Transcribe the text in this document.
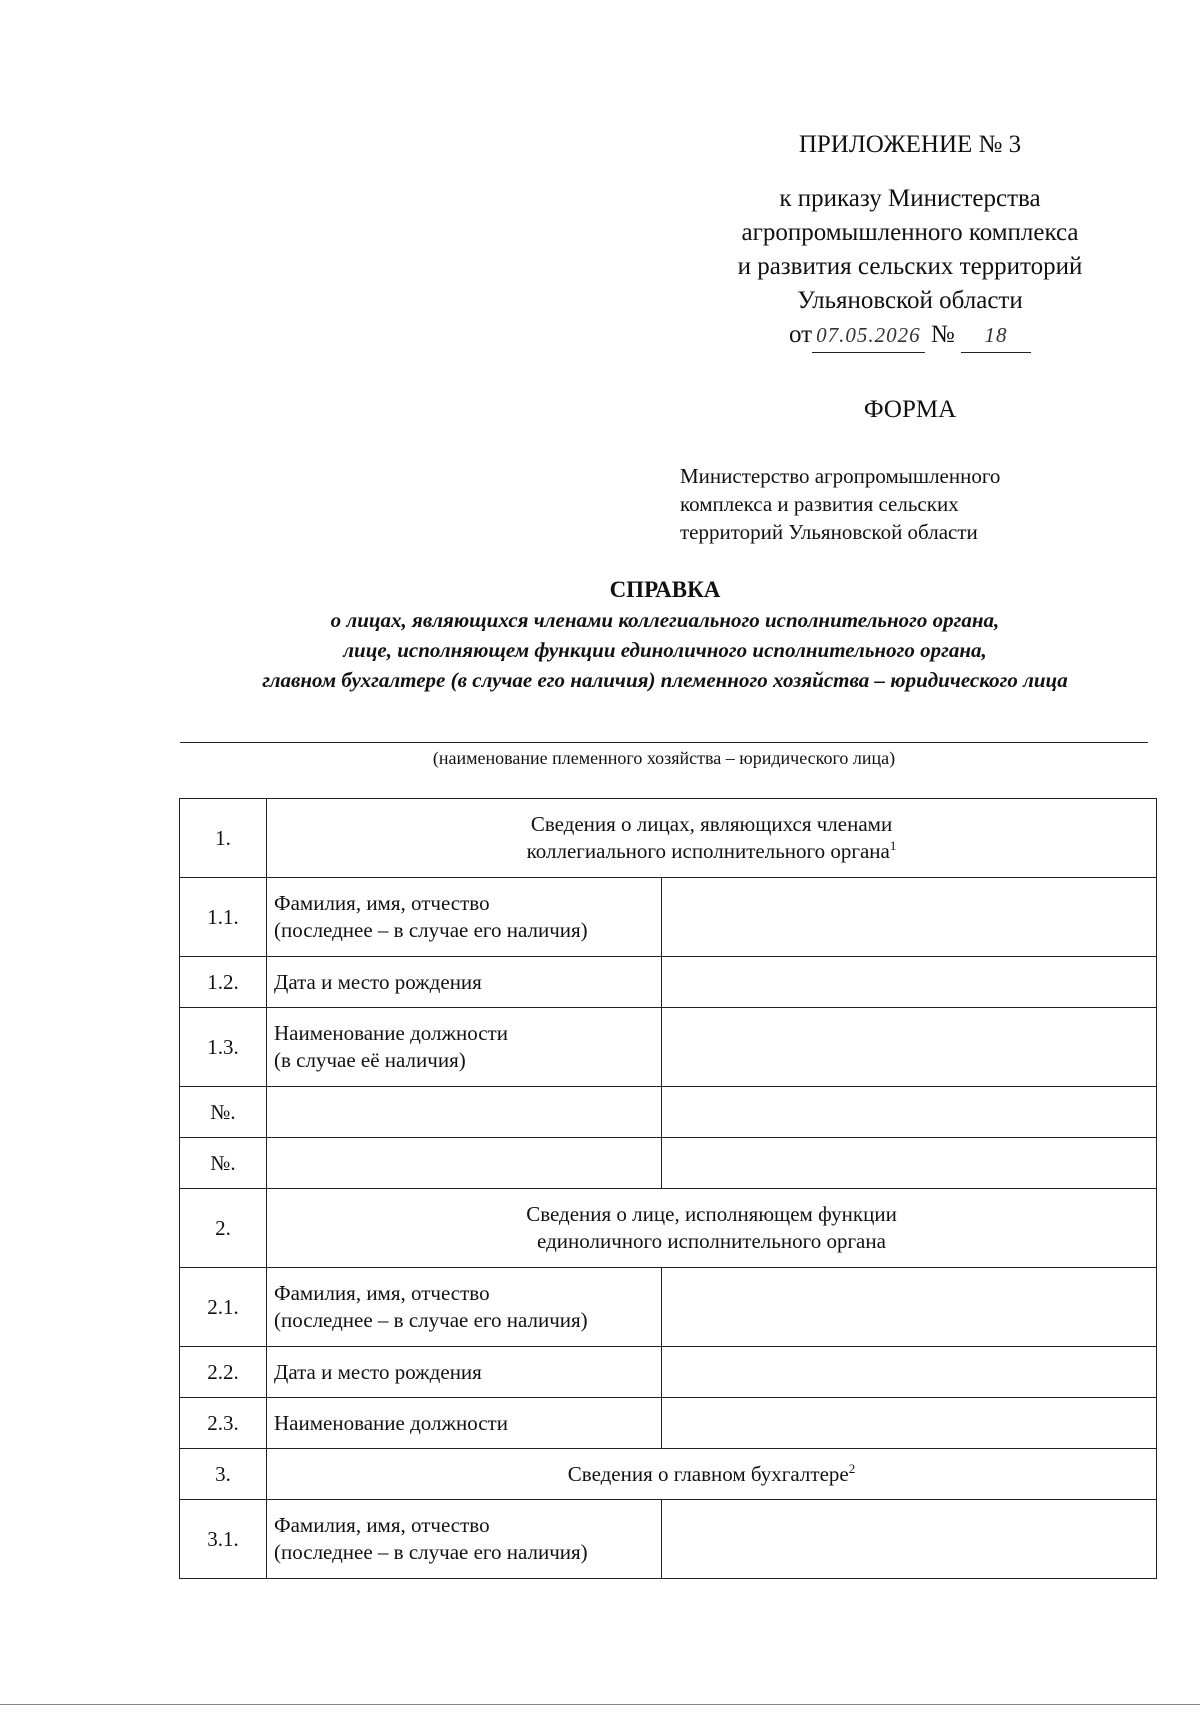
ПРИЛОЖЕНИЕ № 3
к приказу Министерства
агропромышленного комплекса
и развития сельских территорий
Ульяновской области
от 07.05.2026 № 18
ФОРМА
Министерство агропромышленного
комплекса и развития сельских
территорий Ульяновской области
СПРАВКА
о лицах, являющихся членами коллегиального исполнительного органа,
лице, исполняющем функции единоличного исполнительного органа,
главном бухгалтере (в случае его наличия) племенного хозяйства – юридического лица
(наименование племенного хозяйства – юридического лица)
1.	Сведения о лицах, являющихся членами
коллегиального исполнительного органа$^1$
1.1.	Фамилия, имя, отчество
(последнее – в случае его наличия)	
1.2.	Дата и место рождения	
1.3.	Наименование должности
(в случае её наличия)	
№.		
№.		
2.	Сведения о лице, исполняющем функции
единоличного исполнительного органа	
2.1.	Фамилия, имя, отчество
(последнее – в случае его наличия)	
2.2.	Дата и место рождения	
2.3.	Наименование должности	
3.	Сведения о главном бухгалтере$^2$
3.1.	Фамилия, имя, отчество
(последнее – в случае его наличия)	
